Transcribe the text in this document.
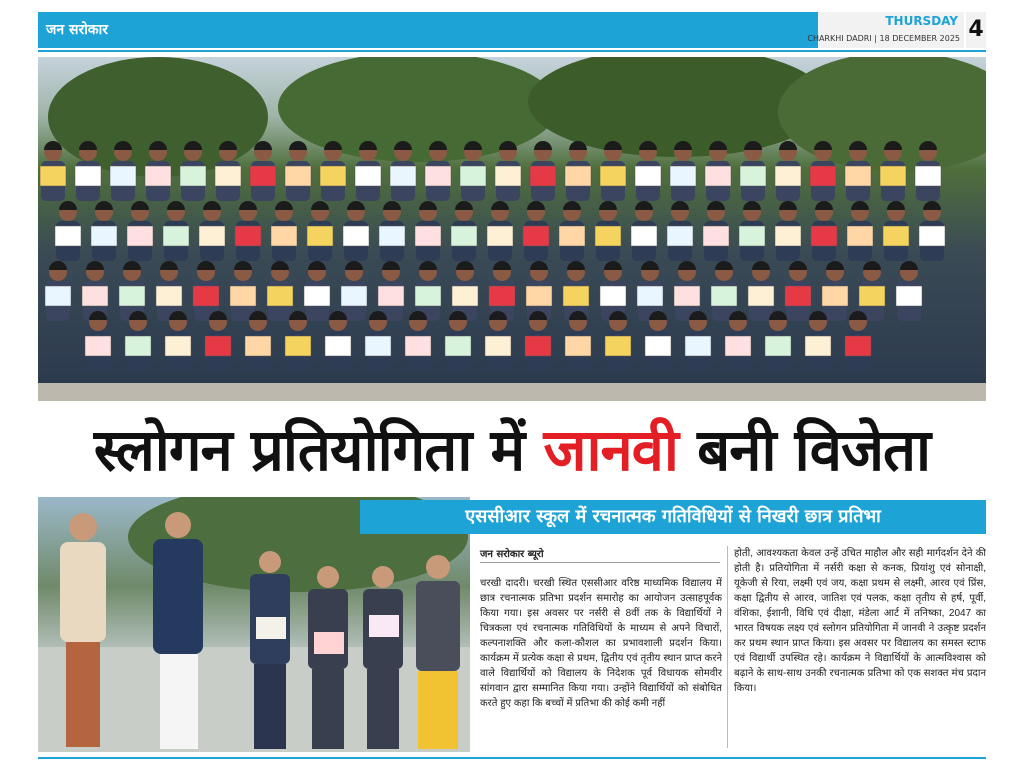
जन सरोकार
THURSDAY
CHARKHI DADRI | 18 DECEMBER 2025 4
स्लोगन प्रतियोगिता में जानवी बनी विजेता
एससीआर स्कूल में रचनात्मक गतिविधियों से निखरी छात्र प्रतिभा
जन सरोकार ब्यूरो
चरखी दादरी। चरखी स्थित एससीआर वरिष्ठ माध्यमिक विद्यालय में छात्र रचनात्मक प्रतिभा प्रदर्शन समारोह का आयोजन उत्साहपूर्वक किया गया। इस अवसर पर नर्सरी से 8वीं तक के विद्यार्थियों ने चित्रकला एवं रचनात्मक गतिविधियों के माध्यम से अपने विचारों, कल्पनाशक्ति और कला-कौशल का प्रभावशाली प्रदर्शन किया। कार्यक्रम में प्रत्येक कक्षा से प्रथम, द्वितीय एवं तृतीय स्थान प्राप्त करने वाले विद्यार्थियों को विद्यालय के निदेशक पूर्व विधायक सोमवीर सांगवान द्वारा सम्मानित किया गया। उन्होंने विद्यार्थियों को संबोधित करते हुए कहा कि बच्चों में प्रतिभा की कोई कमी नहीं
होती, आवश्यकता केवल उन्हें उचित माहौल और सही मार्गदर्शन देने की होती है। प्रतियोगिता में नर्सरी कक्षा से कनक, प्रियांशु एवं सोनाक्षी, यूकेजी से रिया, लक्ष्मी एवं जय, कक्षा प्रथम से लक्ष्मी, आरव एवं प्रिंस, कक्षा द्वितीय से आरव, जातिश एवं पलक, कक्षा तृतीय से हर्ष, पूर्वी, वंशिका, ईशानी, विधि एवं दीक्षा, मंडेला आर्ट में तनिष्का, 2047 का भारत विषयक लक्ष्य एवं स्लोगन प्रतियोगिता में जानवी ने उत्कृष्ट प्रदर्शन कर प्रथम स्थान प्राप्त किया। इस अवसर पर विद्यालय का समस्त स्टाफ एवं विद्यार्थी उपस्थित रहे। कार्यक्रम ने विद्यार्थियों के आत्मविश्वास को बढ़ाने के साथ-साथ उनकी रचनात्मक प्रतिभा को एक सशक्त मंच प्रदान किया।
